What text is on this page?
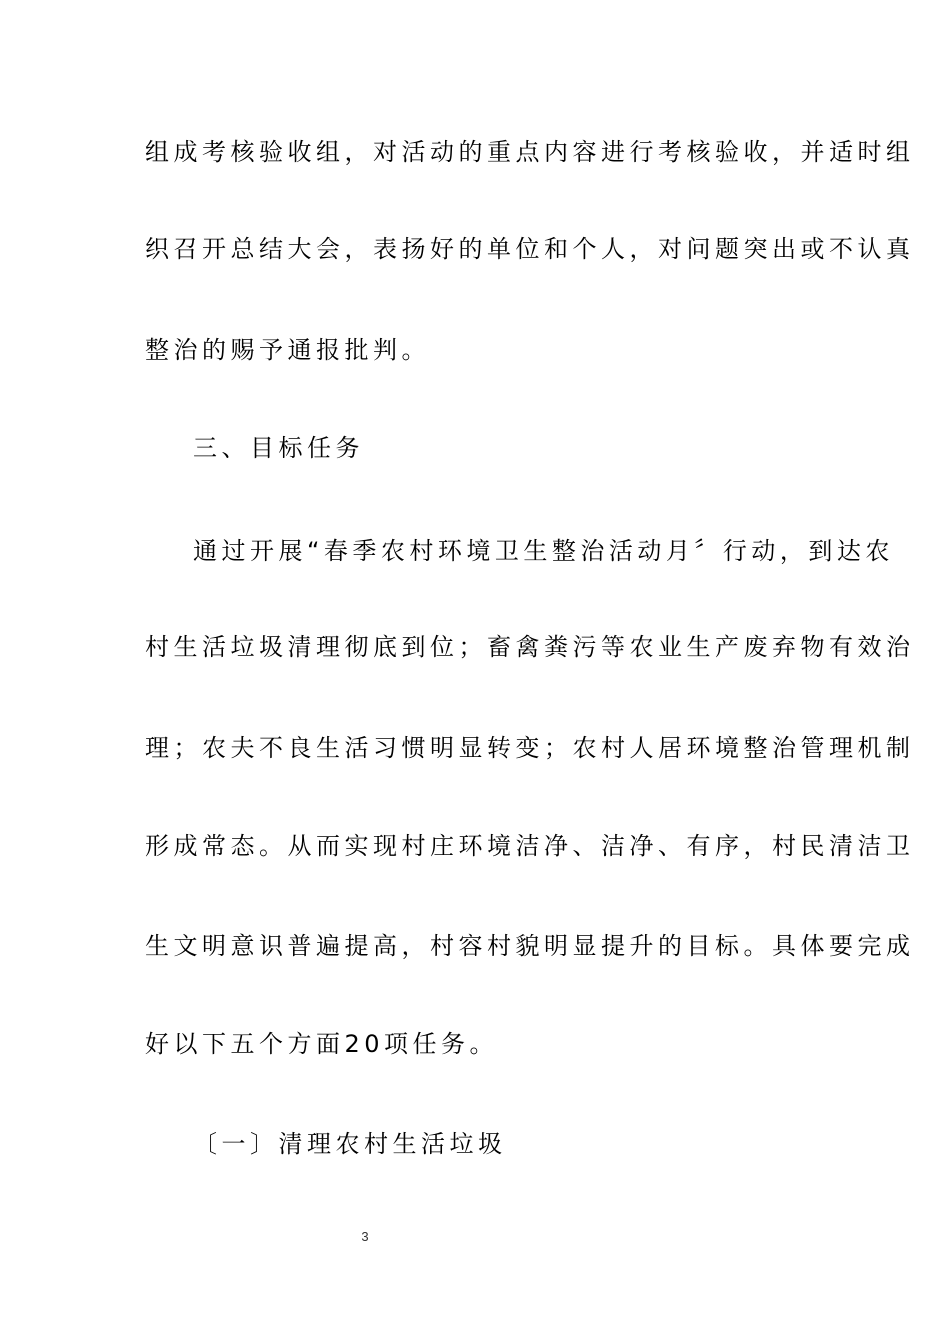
组成考核验收组，对活动的重点内容进行考核验收，并适时组
织召开总结大会，表扬好的单位和个人，对问题突出或不认真
整治的赐予通报批判。
三、目标任务
通过开展“春季农村环境卫生整治活动月〞行动，到达农
村生活垃圾清理彻底到位；畜禽粪污等农业生产废弃物有效治
理；农夫不良生活习惯明显转变；农村人居环境整治管理机制
形成常态。从而实现村庄环境洁净、洁净、有序，村民清洁卫
生文明意识普遍提高，村容村貌明显提升的目标。具体要完成
好以下五个方面20项任务。
〔一〕清理农村生活垃圾
3
